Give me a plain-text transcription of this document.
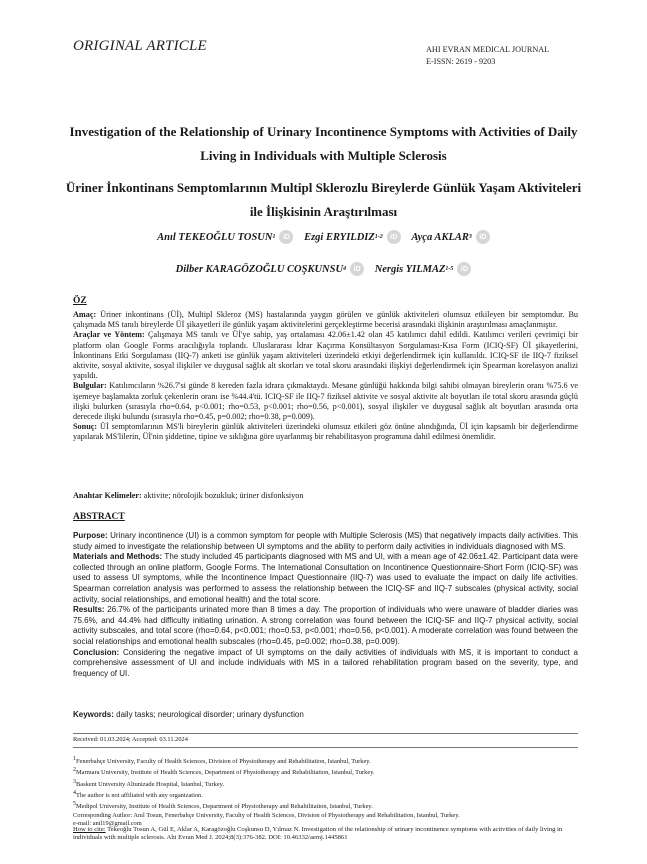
ORIGINAL ARTICLE	AHI EVRAN MEDICAL JOURNAL
E-ISSN: 2619 - 9203
Investigation of the Relationship of Urinary Incontinence Symptoms with Activities of Daily Living in Individuals with Multiple Sclerosis
Üriner İnkontinans Semptomlarının Multipl Sklerozlu Bireylerde Günlük Yaşam Aktiviteleri ile İlişkisinin Araştırılması
Anıl TEKEOĞLU TOSUN 1	iD
	Ezgi ERYILDIZ 1-2	iD
	Ayça AKLAR 3	iD
Dilber KARAGÖZOĞLU COŞKUNSU 4	iD
	Nergis YILMAZ 1-5	iD
ÖZ
Amaç: Üriner inkontinans (Üİ), Multipl Skleroz (MS) hastalarında yaygın görülen ve günlük aktiviteleri olumsuz etkileyen bir semptomdur. Bu çalışmada MS tanılı bireylerde Üİ şikayetleri ile günlük yaşam aktivitelerini gerçekleştirme becerisi arasındaki ilişkinin araştırılması amaçlanmıştır.
Araçlar ve Yöntem: Çalışmaya MS tanılı ve Üİ'ye sahip, yaş ortalaması 42.06±1.42 olan 45 katılımcı dahil edildi. Katılımcı verileri çevrimiçi bir platform olan Google Forms aracılığıyla toplandı. Uluslararası İdrar Kaçırma Konsültasyon Sorgulaması-Kısa Form (ICIQ-SF) Üİ şikayetlerini, İnkontinans Etki Sorgulaması (IIQ-7) anketi ise günlük yaşam aktiviteleri üzerindeki etkiyi değerlendirmek için kullanıldı. ICIQ-SF ile IIQ-7 fiziksel aktivite, sosyal aktivite, sosyal ilişkiler ve duygusal sağlık alt skorları ve total skoru arasındaki ilişkiyi değerlendirmek için Spearman korelasyon analizi yapıldı.
Bulgular: Katılımcıların %26.7'si günde 8 kereden fazla idrara çıkmaktaydı. Mesane günlüğü hakkında bilgi sahibi olmayan bireylerin oranı %75.6 ve işemeye başlamakta zorluk çekenlerin oranı ise %44.4'tü. ICIQ-SF ile IIQ-7 fiziksel aktivite ve sosyal aktivite alt boyutları ile total skoru arasında güçlü ilişki bulurken (sırasıyla rho=0.64, p<0.001; rho=0.53, p<0.001; rho=0.56, p<0.001), sosyal ilişkiler ve duygusal sağlık alt boyutları arasında orta derecede ilişki bulundu (sırasıyla rho=0.45, p=0.002; rho=0.38, p=0.009).
Sonuç: Üİ semptomlarının MS'li bireylerin günlük aktiviteleri üzerindeki olumsuz etkileri göz önüne alındığında, Üİ için kapsamlı bir değerlendirme yapılarak MS'lilerin, Üİ'nin şiddetine, tipine ve sıklığına göre uyarlanmış bir rehabilitasyon programına dahil edilmesi önemlidir.
Anahtar Kelimeler: aktivite; nörolojik bozukluk; üriner disfonksiyon
ABSTRACT
Purpose: Urinary incontinence (UI) is a common symptom for people with Multiple Sclerosis (MS) that negatively impacts daily activities. This study aimed to investigate the relationship between UI symptoms and the ability to perform daily activities in individuals diagnosed with MS.
Materials and Methods: The study included 45 participants diagnosed with MS and UI, with a mean age of 42.06±1.42. Participant data were collected through an online platform, Google Forms. The International Consultation on Incontinence Questionnaire-Short Form (ICIQ-SF) was used to assess UI symptoms, while the Incontinence Impact Questionnaire (IIQ-7) was used to evaluate the impact on daily life activities. Spearman correlation analysis was performed to assess the relationship between the ICIQ-SF and IIQ-7 subscales (physical activity, social activity, social relationships, and emotional health) and the total score.
Results: 26.7% of the participants urinated more than 8 times a day. The proportion of individuals who were unaware of bladder diaries was 75.6%, and 44.4% had difficulty initiating urination. A strong correlation was found between the ICIQ-SF and IIQ-7 physical activity, social activity subscales, and total score (rho=0.64, p<0.001; rho=0.53, p<0.001; rho=0.56, p<0.001). A moderate correlation was found between the social relationships and emotional health subscales (rho=0.45, p=0.002; rho=0.38, p=0.009).
Conclusion: Considering the negative impact of UI symptoms on the daily activities of individuals with MS, it is important to conduct a comprehensive assessment of UI and include individuals with MS in a tailored rehabilitation program based on the severity, type, and frequency of UI.
Keywords: daily tasks; neurological disorder; urinary dysfunction
Received: 01.03.2024; Accepted: 03.11.2024
$^1$Fenerbahçe University, Faculty of Health Sciences, Division of Physiotherapy and Rehabilitation, Istanbul, Turkey.
$^2$Marmara University, Institute of Health Sciences, Department of Physiotherapy and Rehabilitation, Istanbul, Turkey.
$^3$Baskent University Altunizade Hospital, Istanbul, Turkey.
$^4$The author is not affiliated with any organization.
$^5$Medipol University, Institute of Health Sciences, Department of Physiotherapy and Rehabilitation, Istanbul, Turkey.
Corresponding Author: Anıl Tosun, Fenerbahçe University, Faculty of Health Sciences, Division of Physiotherapy and Rehabilitation, Istanbul, Turkey.
e-mail: anil19@gmail.com
How to cite: Tekeoğlu Tosun A, Gül E, Aklar A, Karagözoğlu Coşkunsu D, Yılmaz N. Investigation of the relationship of urinary incontinence symptoms with activities of daily living in individuals with multiple sclerosis. Ahi Evran Med J. 2024;8(3):376-382. DOI: 10.46332/aemj.1445861
